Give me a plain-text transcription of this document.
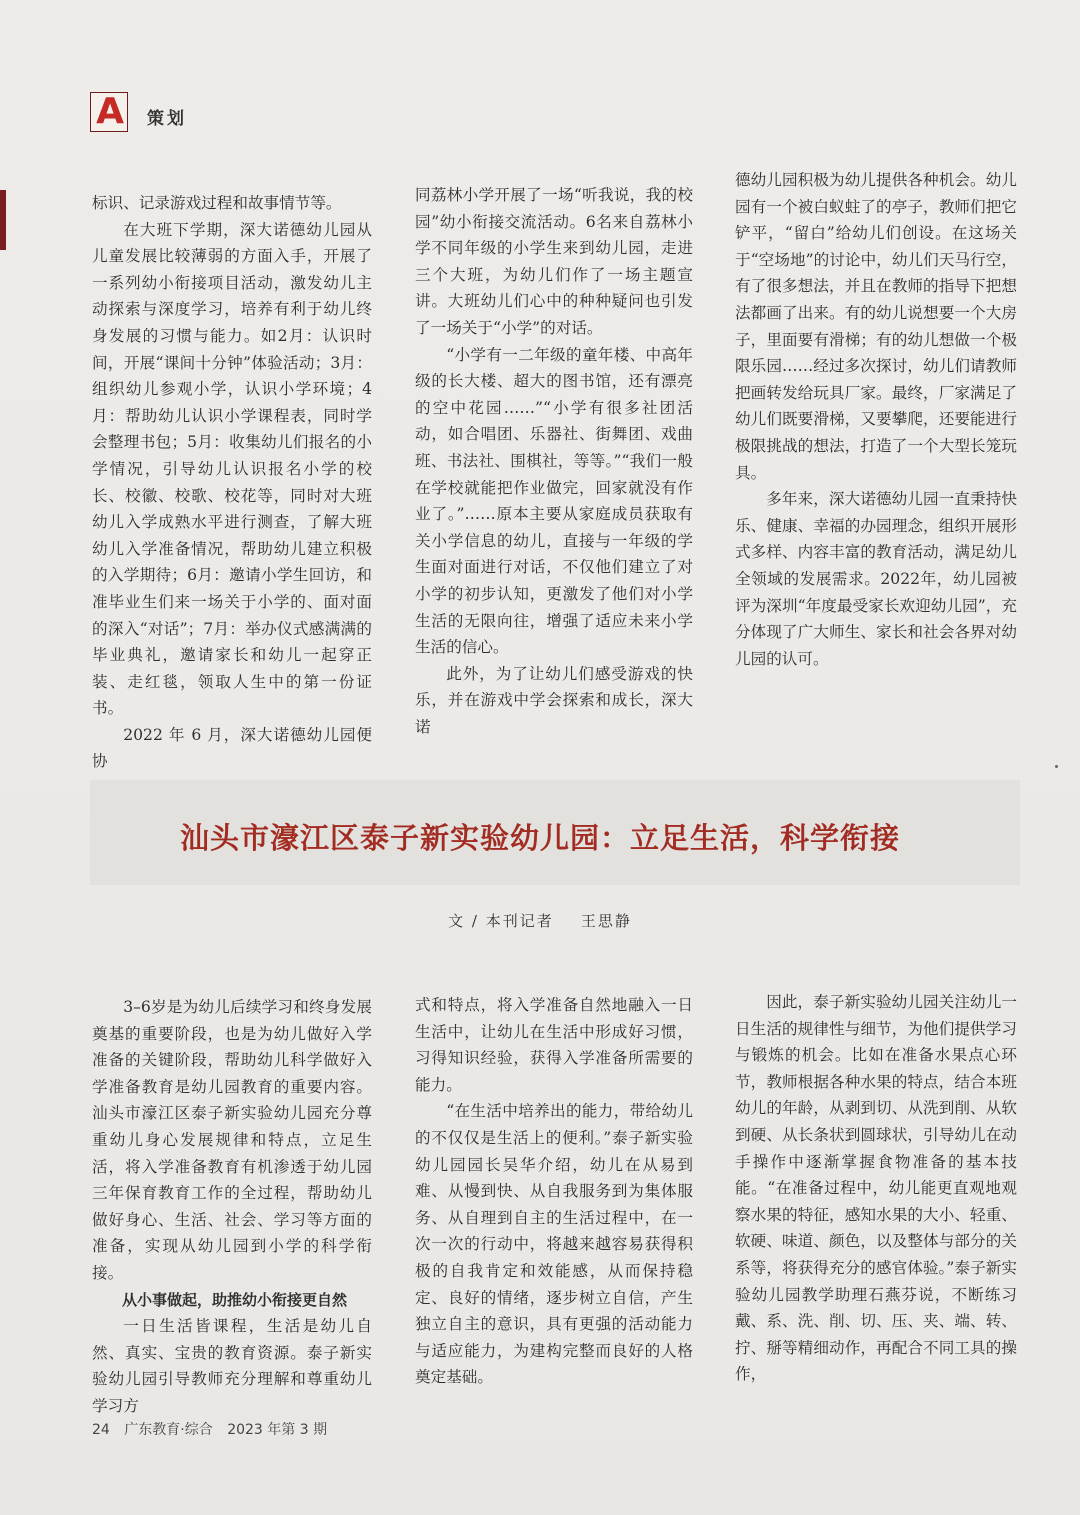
A 策划

标识、记录游戏过程和故事情节等。

在大班下学期，深大诺德幼儿园从儿童发展比较薄弱的方面入手，开展了一系列幼小衔接项目活动，激发幼儿主动探索与深度学习，培养有利于幼儿终身发展的习惯与能力。如2月：认识时间，开展“课间十分钟”体验活动；3月：组织幼儿参观小学，认识小学环境；4月：帮助幼儿认识小学课程表，同时学会整理书包；5月：收集幼儿们报名的小学情况，引导幼儿认识报名小学的校长、校徽、校歌、校花等，同时对大班幼儿入学成熟水平进行测查，了解大班幼儿入学准备情况，帮助幼儿建立积极的入学期待；6月：邀请小学生回访，和准毕业生们来一场关于小学的、面对面的深入“对话”；7月：举办仪式感满满的毕业典礼，邀请家长和幼儿一起穿正装、走红毯，领取人生中的第一份证书。

2022 年 6 月，深大诺德幼儿园便协

同荔林小学开展了一场“听我说，我的校园”幼小衔接交流活动。6名来自荔林小学不同年级的小学生来到幼儿园，走进三个大班，为幼儿们作了一场主题宣讲。大班幼儿们心中的种种疑问也引发了一场关于“小学”的对话。

“小学有一二年级的童年楼、中高年级的长大楼、超大的图书馆，还有漂亮的空中花园……”“小学有很多社团活动，如合唱团、乐器社、街舞团、戏曲班、书法社、围棋社，等等。”“我们一般在学校就能把作业做完，回家就没有作业了。”……原本主要从家庭成员获取有关小学信息的幼儿，直接与一年级的学生面对面进行对话，不仅他们建立了对小学的初步认知，更激发了他们对小学生活的无限向往，增强了适应未来小学生活的信心。

此外，为了让幼儿们感受游戏的快乐，并在游戏中学会探索和成长，深大诺

德幼儿园积极为幼儿提供各种机会。幼儿园有一个被白蚁蛀了的亭子，教师们把它铲平，“留白”给幼儿们创设。在这场关于“空场地”的讨论中，幼儿们天马行空，有了很多想法，并且在教师的指导下把想法都画了出来。有的幼儿说想要一个大房子，里面要有滑梯；有的幼儿想做一个极限乐园……经过多次探讨，幼儿们请教师把画转发给玩具厂家。最终，厂家满足了幼儿们既要滑梯，又要攀爬，还要能进行极限挑战的想法，打造了一个大型长笼玩具。

多年来，深大诺德幼儿园一直秉持快乐、健康、幸福的办园理念，组织开展形式多样、内容丰富的教育活动，满足幼儿全领域的发展需求。2022年，幼儿园被评为深圳“年度最受家长欢迎幼儿园”，充分体现了广大师生、家长和社会各界对幼儿园的认可。

汕头市濠江区泰子新实验幼儿园：立足生活，科学衔接
文 / 本刊记者 王思静

3–6岁是为幼儿后续学习和终身发展奠基的重要阶段，也是为幼儿做好入学准备的关键阶段，帮助幼儿科学做好入学准备教育是幼儿园教育的重要内容。汕头市濠江区泰子新实验幼儿园充分尊重幼儿身心发展规律和特点，立足生活，将入学准备教育有机渗透于幼儿园三年保育教育工作的全过程，帮助幼儿做好身心、生活、社会、学习等方面的准备，实现从幼儿园到小学的科学衔接。

从小事做起，助推幼小衔接更自然

一日生活皆课程，生活是幼儿自然、真实、宝贵的教育资源。泰子新实验幼儿园引导教师充分理解和尊重幼儿学习方

式和特点，将入学准备自然地融入一日生活中，让幼儿在生活中形成好习惯，习得知识经验，获得入学准备所需要的能力。

“在生活中培养出的能力，带给幼儿的不仅仅是生活上的便利。”泰子新实验幼儿园园长吴华介绍，幼儿在从易到难、从慢到快、从自我服务到为集体服务、从自理到自主的生活过程中，在一次一次的行动中，将越来越容易获得积极的自我肯定和效能感，从而保持稳定、良好的情绪，逐步树立自信，产生独立自主的意识，具有更强的活动能力与适应能力，为建构完整而良好的人格奠定基础。

因此，泰子新实验幼儿园关注幼儿一日生活的规律性与细节，为他们提供学习与锻炼的机会。比如在准备水果点心环节，教师根据各种水果的特点，结合本班幼儿的年龄，从剥到切、从洗到削、从软到硬、从长条状到圆球状，引导幼儿在动手操作中逐渐掌握食物准备的基本技能。“在准备过程中，幼儿能更直观地观察水果的特征，感知水果的大小、轻重、软硬、味道、颜色，以及整体与部分的关系等，将获得充分的感官体验。”泰子新实验幼儿园教学助理石燕芬说，不断练习戴、系、洗、削、切、压、夹、端、转、拧、掰等精细动作，再配合不同工具的操作，

24 广东教育·综合 2023 年第 3 期
